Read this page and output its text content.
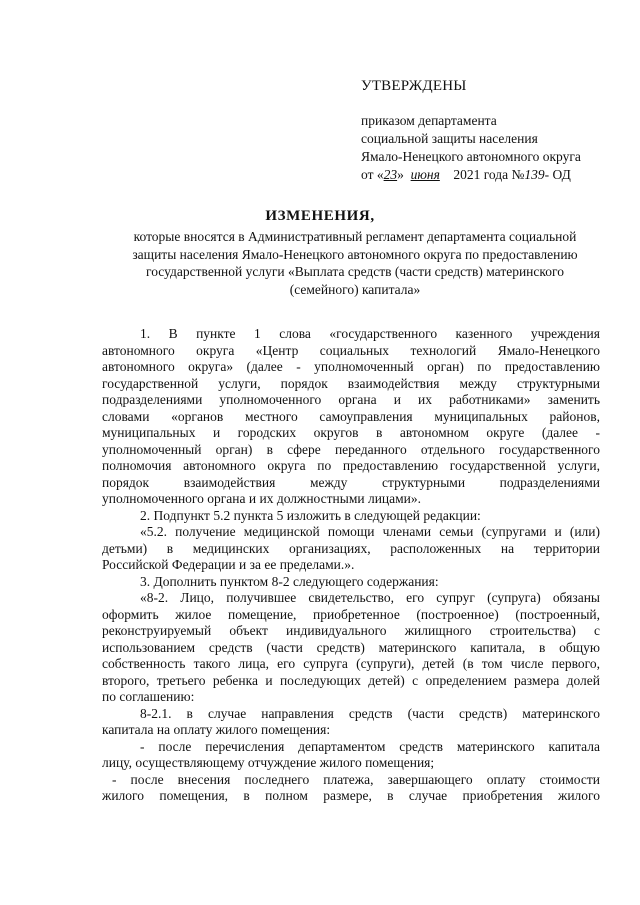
УТВЕРЖДЕНЫ
приказом департамента
социальной защиты населения
Ямало-Ненецкого автономного округа
от «23» июня 2021 года №139- ОД
ИЗМЕНЕНИЯ,
которые вносятся в Административный регламент департамента социальной
защиты населения Ямало-Ненецкого автономного округа по предоставлению
государственной услуги «Выплата средств (части средств) материнского
(семейного) капитала»
1. В пункте 1 слова «государственного казенного учреждения
автономного округа «Центр социальных технологий Ямало-Ненецкого
автономного округа» (далее - уполномоченный орган) по предоставлению
государственной услуги, порядок взаимодействия между структурными
подразделениями уполномоченного органа и их работниками» заменить
словами «органов местного самоуправления муниципальных районов,
муниципальных и городских округов в автономном округе (далее -
уполномоченный орган) в сфере переданного отдельного государственного
полномочия автономного округа по предоставлению государственной услуги,
порядок взаимодействия между структурными подразделениями
уполномоченного органа и их должностными лицами».
2. Подпункт 5.2 пункта 5 изложить в следующей редакции:
«5.2. получение медицинской помощи членами семьи (супругами и (или)
детьми) в медицинских организациях, расположенных на территории
Российской Федерации и за ее пределами.».
3. Дополнить пунктом 8-2 следующего содержания:
«8-2. Лицо, получившее свидетельство, его супруг (супруга) обязаны
оформить жилое помещение, приобретенное (построенное) (построенный,
реконструируемый объект индивидуального жилищного строительства) с
использованием средств (части средств) материнского капитала, в общую
собственность такого лица, его супруга (супруги), детей (в том числе первого,
второго, третьего ребенка и последующих детей) с определением размера долей
по соглашению:
8-2.1. в случае направления средств (части средств) материнского
капитала на оплату жилого помещения:
- после перечисления департаментом средств материнского капитала
лицу, осуществляющему отчуждение жилого помещения;
- после внесения последнего платежа, завершающего оплату стоимости
жилого помещения, в полном размере, в случае приобретения жилого
